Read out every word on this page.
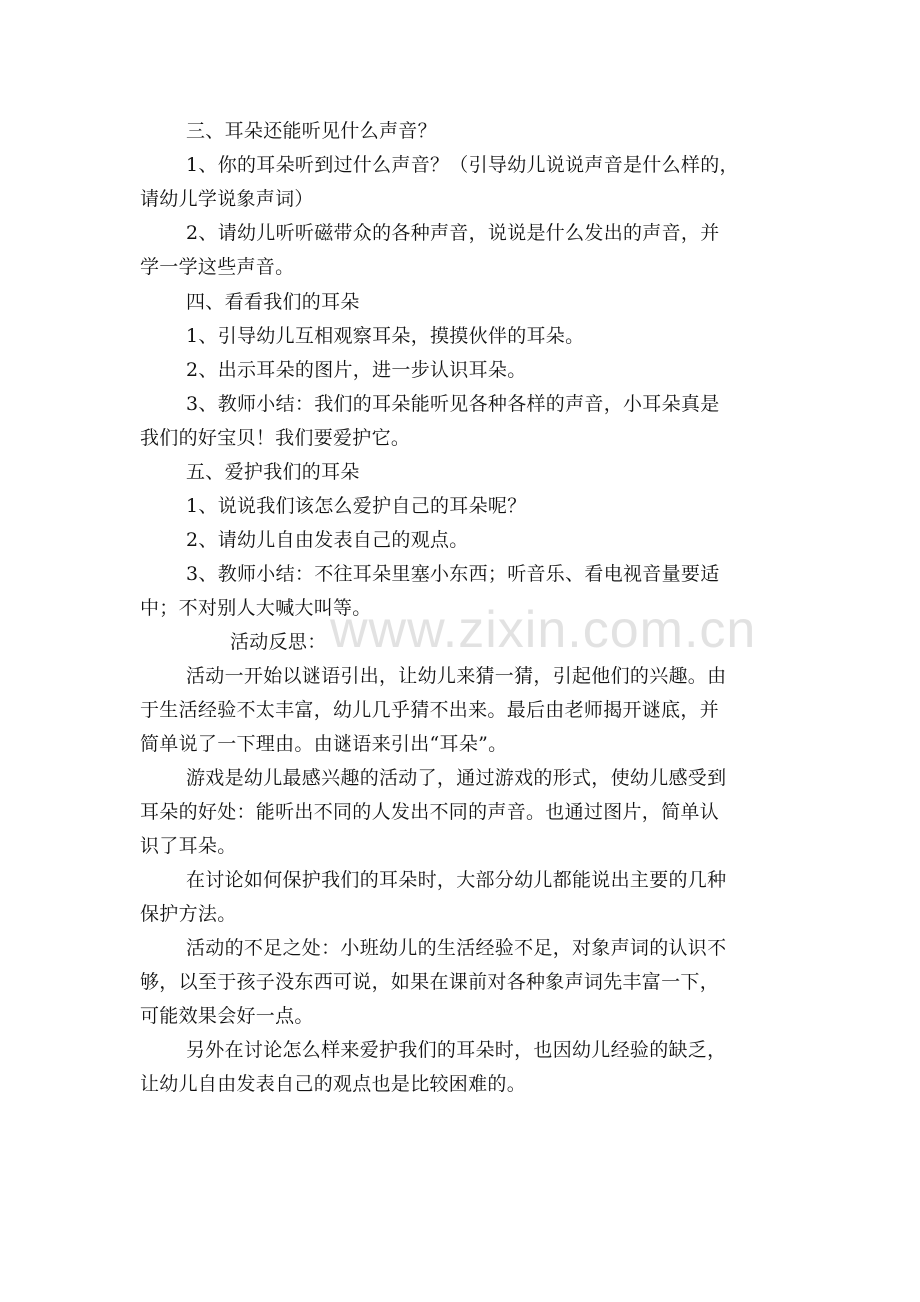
www.zixin.com.cn
三、耳朵还能听见什么声音？
1、你的耳朵听到过什么声音？（引导幼儿说说声音是什么样的，
请幼儿学说象声词）
2、请幼儿听听磁带众的各种声音，说说是什么发出的声音，并
学一学这些声音。
四、看看我们的耳朵
1、引导幼儿互相观察耳朵，摸摸伙伴的耳朵。
2、出示耳朵的图片，进一步认识耳朵。
3、教师小结：我们的耳朵能听见各种各样的声音，小耳朵真是
我们的好宝贝！我们要爱护它。
五、爱护我们的耳朵
1、说说我们该怎么爱护自己的耳朵呢？
2、请幼儿自由发表自己的观点。
3、教师小结：不往耳朵里塞小东西；听音乐、看电视音量要适
中；不对别人大喊大叫等。
活动反思：
活动一开始以谜语引出，让幼儿来猜一猜，引起他们的兴趣。由
于生活经验不太丰富，幼儿几乎猜不出来。最后由老师揭开谜底，并
简单说了一下理由。由谜语来引出“耳朵”。
游戏是幼儿最感兴趣的活动了，通过游戏的形式，使幼儿感受到
耳朵的好处：能听出不同的人发出不同的声音。也通过图片，简单认
识了耳朵。
在讨论如何保护我们的耳朵时，大部分幼儿都能说出主要的几种
保护方法。
活动的不足之处：小班幼儿的生活经验不足，对象声词的认识不
够，以至于孩子没东西可说，如果在课前对各种象声词先丰富一下，
可能效果会好一点。
另外在讨论怎么样来爱护我们的耳朵时，也因幼儿经验的缺乏，
让幼儿自由发表自己的观点也是比较困难的。
